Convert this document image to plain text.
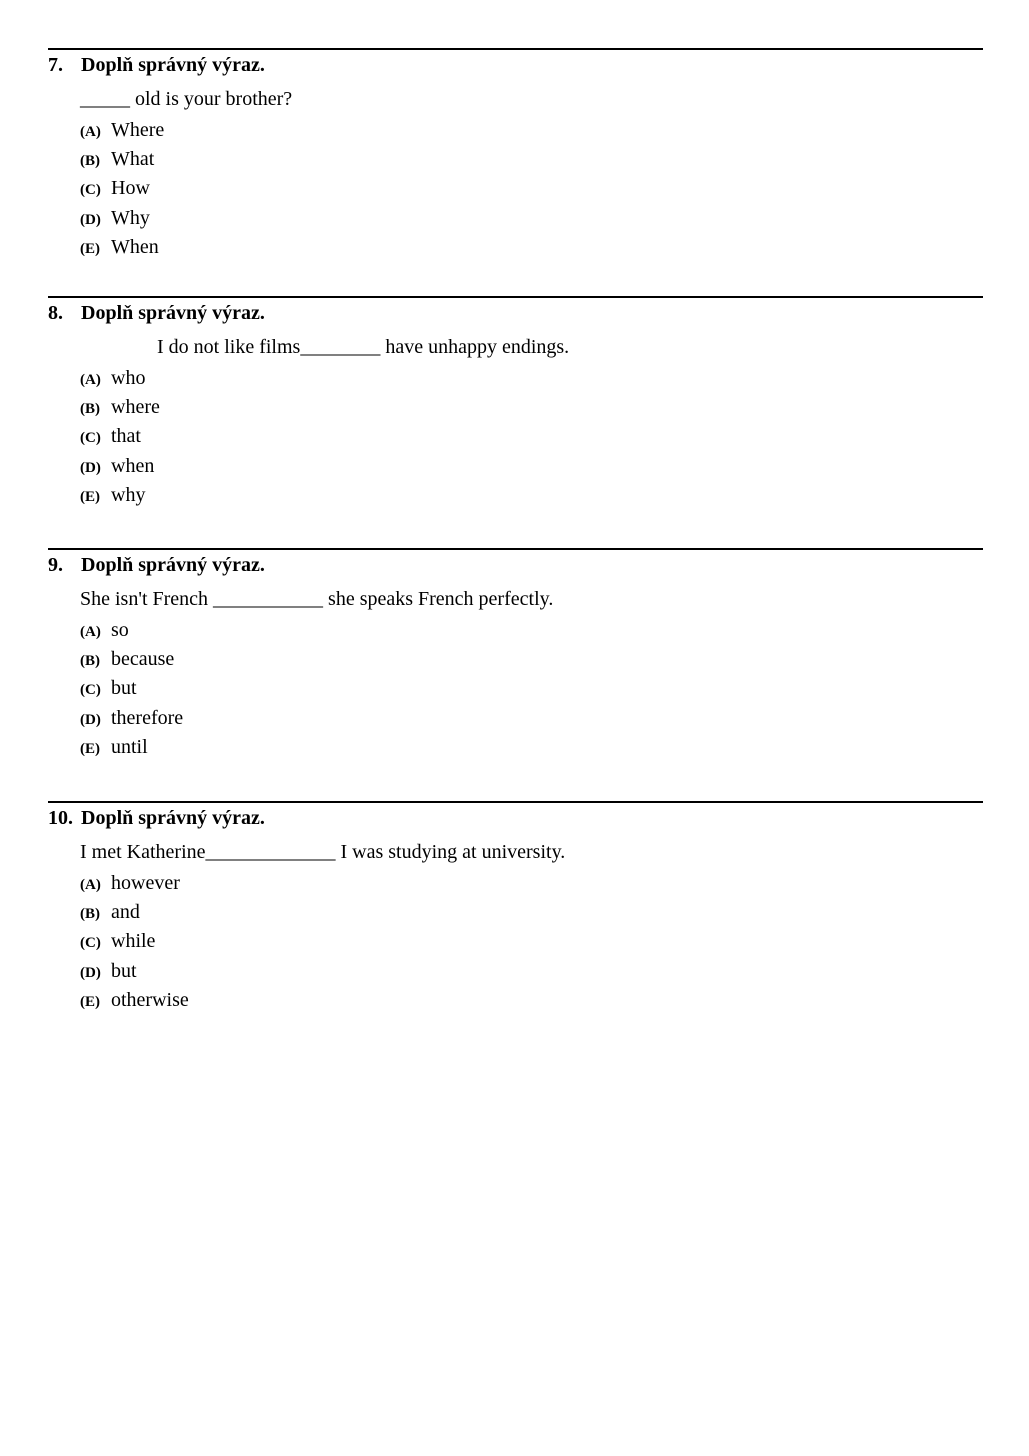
7. Doplň správný výraz.
_____ old is your brother?
(A) Where
(B) What
(C) How
(D) Why
(E) When
8. Doplň správný výraz.
I do not like films________ have unhappy endings.
(A) who
(B) where
(C) that
(D) when
(E) why
9. Doplň správný výraz.
She isn't French ___________ she speaks French perfectly.
(A) so
(B) because
(C) but
(D) therefore
(E) until
10. Doplň správný výraz.
I met Katherine_____________ I was studying at university.
(A) however
(B) and
(C) while
(D) but
(E) otherwise
